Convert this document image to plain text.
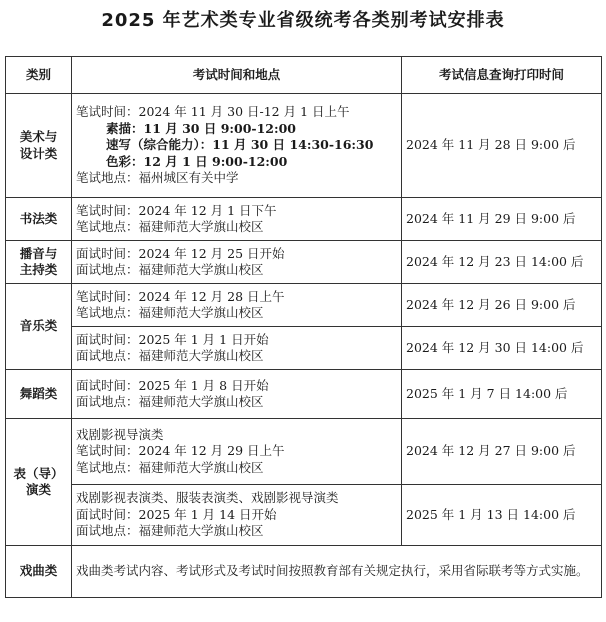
2025 年艺术类专业省级统考各类别考试安排表
类别	考试时间和地点	考试信息查询打印时间
美术与
设计类	笔试时间：2024 年 11 月 30 日-12 月 1 日上午
素描：11 月 30 日 9:00-12:00
速写（综合能力）：11 月 30 日 14:30-16:30
色彩：12 月 1 日 9:00-12:00
笔试地点：福州城区有关中学	2024 年 11 月 28 日 9:00 后
书法类	笔试时间：2024 年 12 月 1 日下午
笔试地点：福建师范大学旗山校区	2024 年 11 月 29 日 9:00 后
播音与
主持类	面试时间：2024 年 12 月 25 日开始
面试地点：福建师范大学旗山校区	2024 年 12 月 23 日 14:00 后
音乐类	笔试时间：2024 年 12 月 28 日上午
笔试地点：福建师范大学旗山校区	2024 年 12 月 26 日 9:00 后

	面试时间：2025 年 1 月 1 日开始
面试地点：福建师范大学旗山校区	2024 年 12 月 30 日 14:00 后
舞蹈类	面试时间：2025 年 1 月 8 日开始
面试地点：福建师范大学旗山校区	2025 年 1 月 7 日 14:00 后
表（导）
演类	戏剧影视导演类
笔试时间：2024 年 12 月 29 日上午
笔试地点：福建师范大学旗山校区	2024 年 12 月 27 日 9:00 后

	戏剧影视表演类、服装表演类、戏剧影视导演类
面试时间：2025 年 1 月 14 日开始
面试地点：福建师范大学旗山校区	2025 年 1 月 13 日 14:00 后
戏曲类	戏曲类考试内容、考试形式及考试时间按照教育部有关规定执行，采用省际联考等方式实施。	
